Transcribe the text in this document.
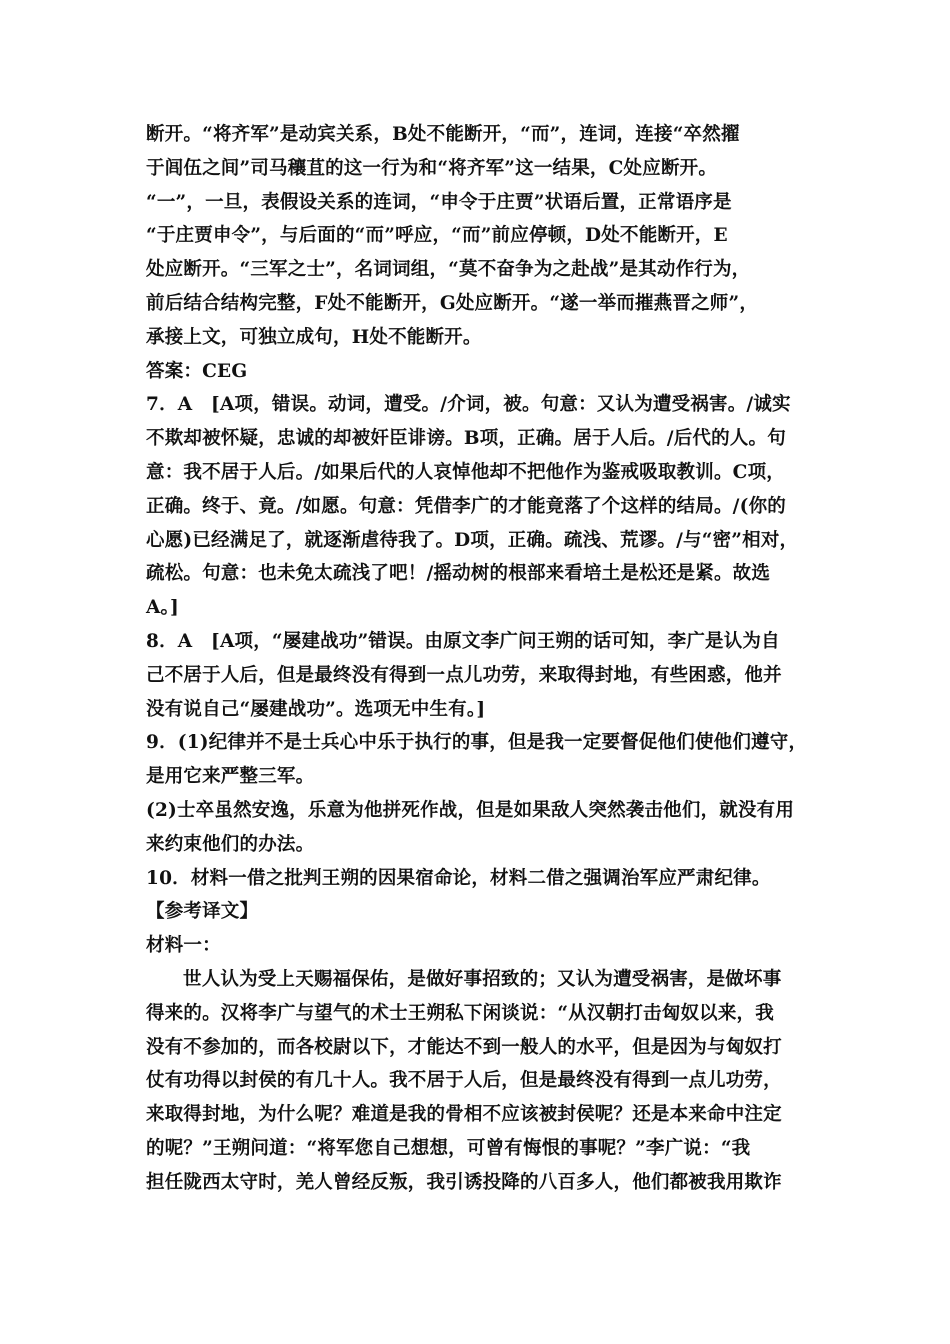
断开。“将齐军”是动宾关系，B处不能断开，“而”，连词，连接“卒然擢
于闾伍之间”司马穰苴的这一行为和“将齐军”这一结果，C处应断开。
“一”，一旦，表假设关系的连词，“申令于庄贾”状语后置，正常语序是
“于庄贾申令”，与后面的“而”呼应，“而”前应停顿，D处不能断开，E
处应断开。“三军之士”，名词词组，“莫不奋争为之赴战”是其动作行为，
前后结合结构完整，F处不能断开，G处应断开。“遂一举而摧燕晋之师”，
承接上文，可独立成句，H处不能断开。
答案：CEG
7．A　[A项，错误。动词，遭受。/介词，被。句意：又认为遭受祸害。/诚实
不欺却被怀疑，忠诚的却被奸臣诽谤。B项，正确。居于人后。/后代的人。句
意：我不居于人后。/如果后代的人哀悼他却不把他作为鉴戒吸取教训。C项，
正确。终于、竟。/如愿。句意：凭借李广的才能竟落了个这样的结局。/(你的
心愿)已经满足了，就逐渐虐待我了。D项，正确。疏浅、荒谬。/与“密”相对，
疏松。句意：也未免太疏浅了吧！/摇动树的根部来看培土是松还是紧。故选
A。]
8．A　[A项，“屡建战功”错误。由原文李广问王朔的话可知，李广是认为自
己不居于人后，但是最终没有得到一点儿功劳，来取得封地，有些困惑，他并
没有说自己“屡建战功”。选项无中生有。]
9．(1)纪律并不是士兵心中乐于执行的事，但是我一定要督促他们使他们遵守，
是用它来严整三军。
(2)士卒虽然安逸，乐意为他拼死作战，但是如果敌人突然袭击他们，就没有用
来约束他们的办法。
10．材料一借之批判王朔的因果宿命论，材料二借之强调治军应严肃纪律。
【参考译文】
材料一：
世人认为受上天赐福保佑，是做好事招致的；又认为遭受祸害，是做坏事
得来的。汉将李广与望气的术士王朔私下闲谈说：“从汉朝打击匈奴以来，我
没有不参加的，而各校尉以下，才能达不到一般人的水平，但是因为与匈奴打
仗有功得以封侯的有几十人。我不居于人后，但是最终没有得到一点儿功劳，
来取得封地，为什么呢？难道是我的骨相不应该被封侯呢？还是本来命中注定
的呢？”王朔问道：“将军您自己想想，可曾有悔恨的事呢？”李广说：“我
担任陇西太守时，羌人曾经反叛，我引诱投降的八百多人，他们都被我用欺诈
